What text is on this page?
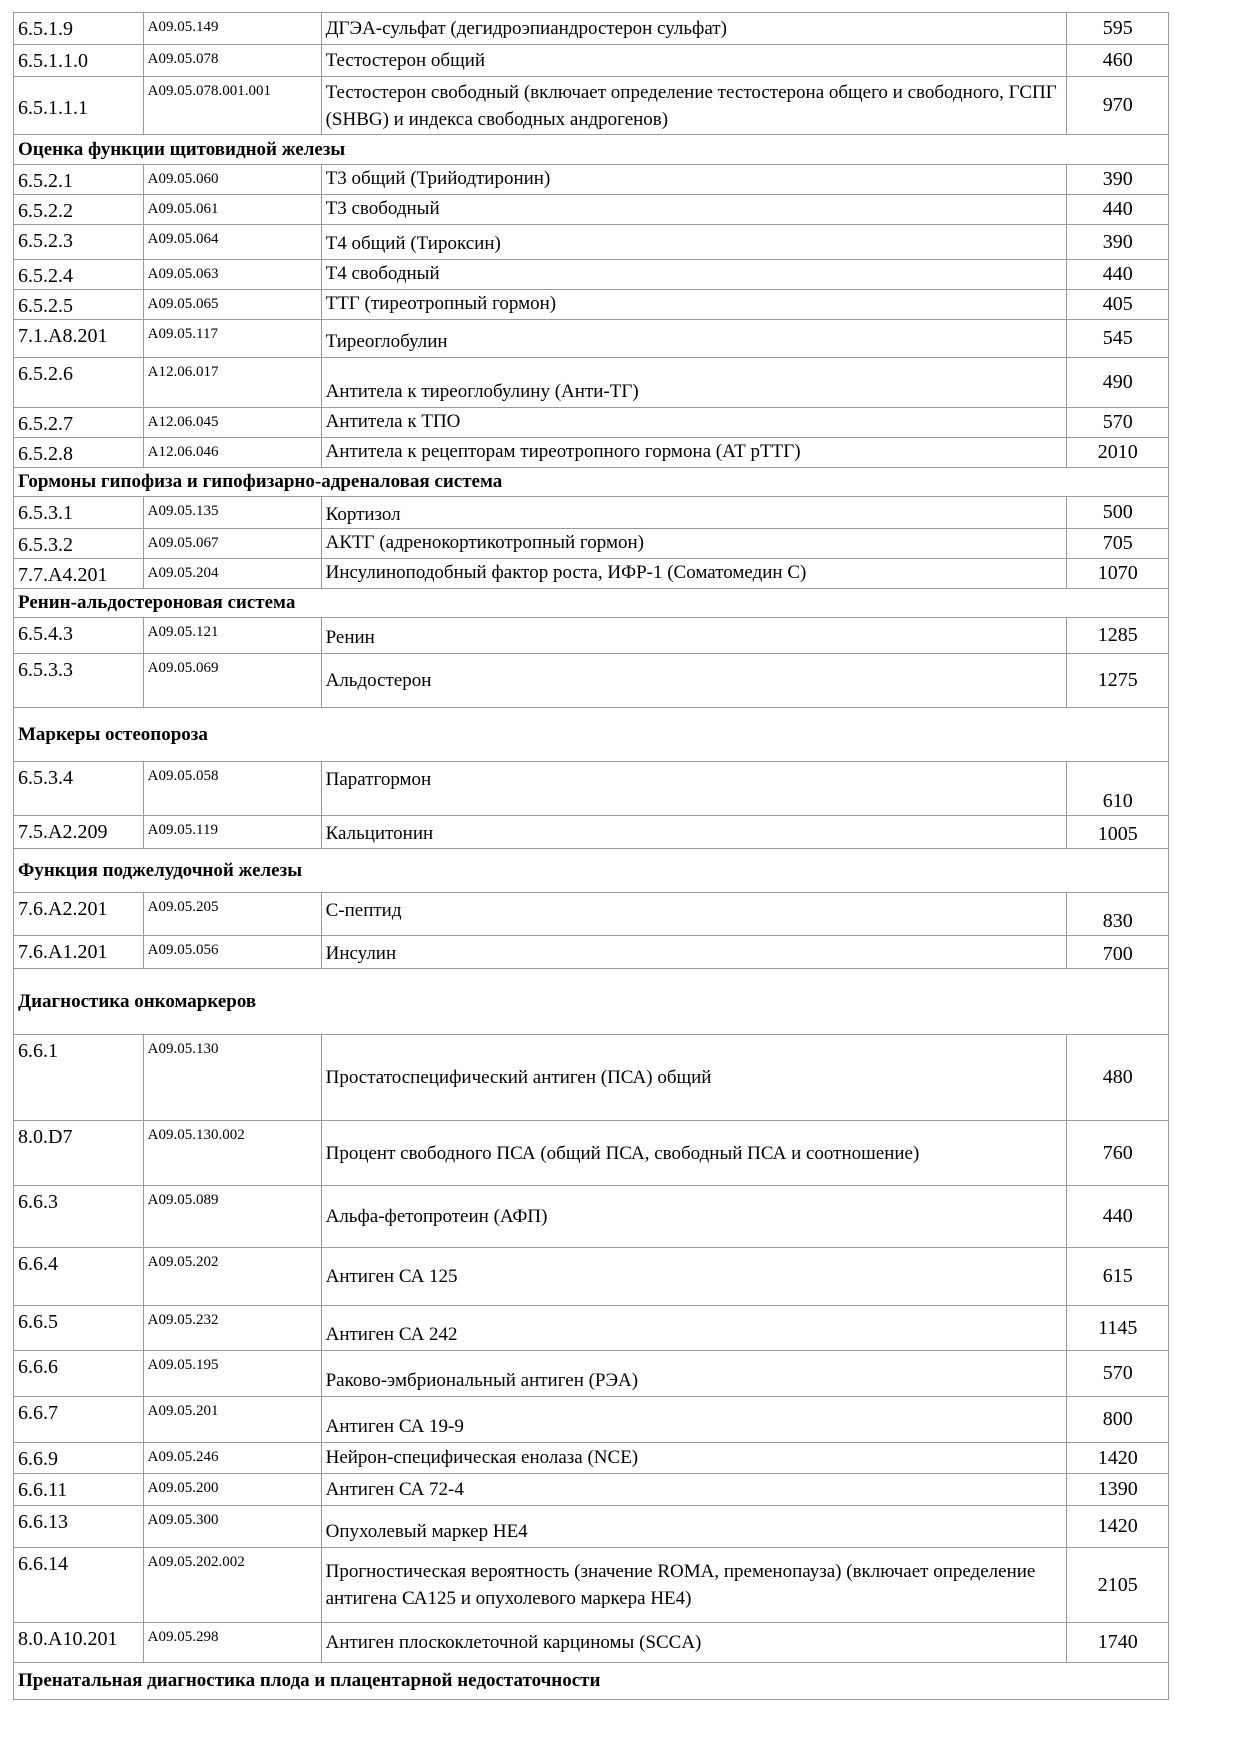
6.5.1.9	A09.05.149	ДГЭА-сульфат (дегидроэпиандростерон сульфат)	595
6.5.1.1.0	A09.05.078	Тестостерон общий	460
6.5.1.1.1	A09.05.078.001.001	Тестостерон свободный (включает определение тестостерона общего и свободного, ГСПГ (SHBG) и индекса свободных андрогенов)	970
Оценка функции щитовидной железы			
6.5.2.1	A09.05.060	Т3 общий (Трийодтиронин)	390
6.5.2.2	A09.05.061	Т3 свободный	440
6.5.2.3	A09.05.064	Т4 общий (Тироксин)	390
6.5.2.4	A09.05.063	Т4 свободный	440
6.5.2.5	A09.05.065	ТТГ (тиреотропный гормон)	405
7.1.A8.201	A09.05.117	Тиреоглобулин	545
6.5.2.6	A12.06.017	Антитела к тиреоглобулину (Анти-ТГ)	490
6.5.2.7	A12.06.045	Антитела к ТПО	570
6.5.2.8	A12.06.046	Антитела к рецепторам тиреотропного гормона (АТ рТТГ)	2010
Гормоны гипофиза и гипофизарно-адреналовая система			
6.5.3.1	A09.05.135	Кортизол	500
6.5.3.2	A09.05.067	АКТГ (адренокортикотропный гормон)	705
7.7.A4.201	A09.05.204	Инсулиноподобный фактор роста, ИФР-1 (Соматомедин С)	1070
Ренин-альдостероновая система			
6.5.4.3	A09.05.121	Ренин	1285
6.5.3.3	A09.05.069	Альдостерон	1275
Маркеры остеопороза			
6.5.3.4	A09.05.058	Паратгормон	610
7.5.A2.209	A09.05.119	Кальцитонин	1005
Функция поджелудочной железы			
7.6.A2.201	A09.05.205	С-пептид	830
7.6.A1.201	A09.05.056	Инсулин	700
Диагностика онкомаркеров			
6.6.1	A09.05.130	Простатоспецифический антиген (ПСА) общий	480
8.0.D7	A09.05.130.002	Процент свободного ПСА (общий ПСА, свободный ПСА и соотношение)	760
6.6.3	A09.05.089	Альфа-фетопротеин (АФП)	440
6.6.4	A09.05.202	Антиген СА 125	615
6.6.5	A09.05.232	Антиген СА 242	1145
6.6.6	A09.05.195	Раково-эмбриональный антиген (РЭА)	570
6.6.7	A09.05.201	Антиген СА 19-9	800
6.6.9	A09.05.246	Нейрон-специфическая енолаза (NCE)	1420
6.6.11	A09.05.200	Антиген СА 72-4	1390
6.6.13	A09.05.300	Опухолевый маркер НЕ4	1420
6.6.14	A09.05.202.002	Прогностическая вероятность (значение ROMA, пременопауза) (включает определение антигена СА125 и опухолевого маркера НЕ4)	2105
8.0.A10.201	A09.05.298	Антиген плоскоклеточной карциномы (SCCA)	1740
Пренатальная диагностика плода и плацентарной недостаточности			
